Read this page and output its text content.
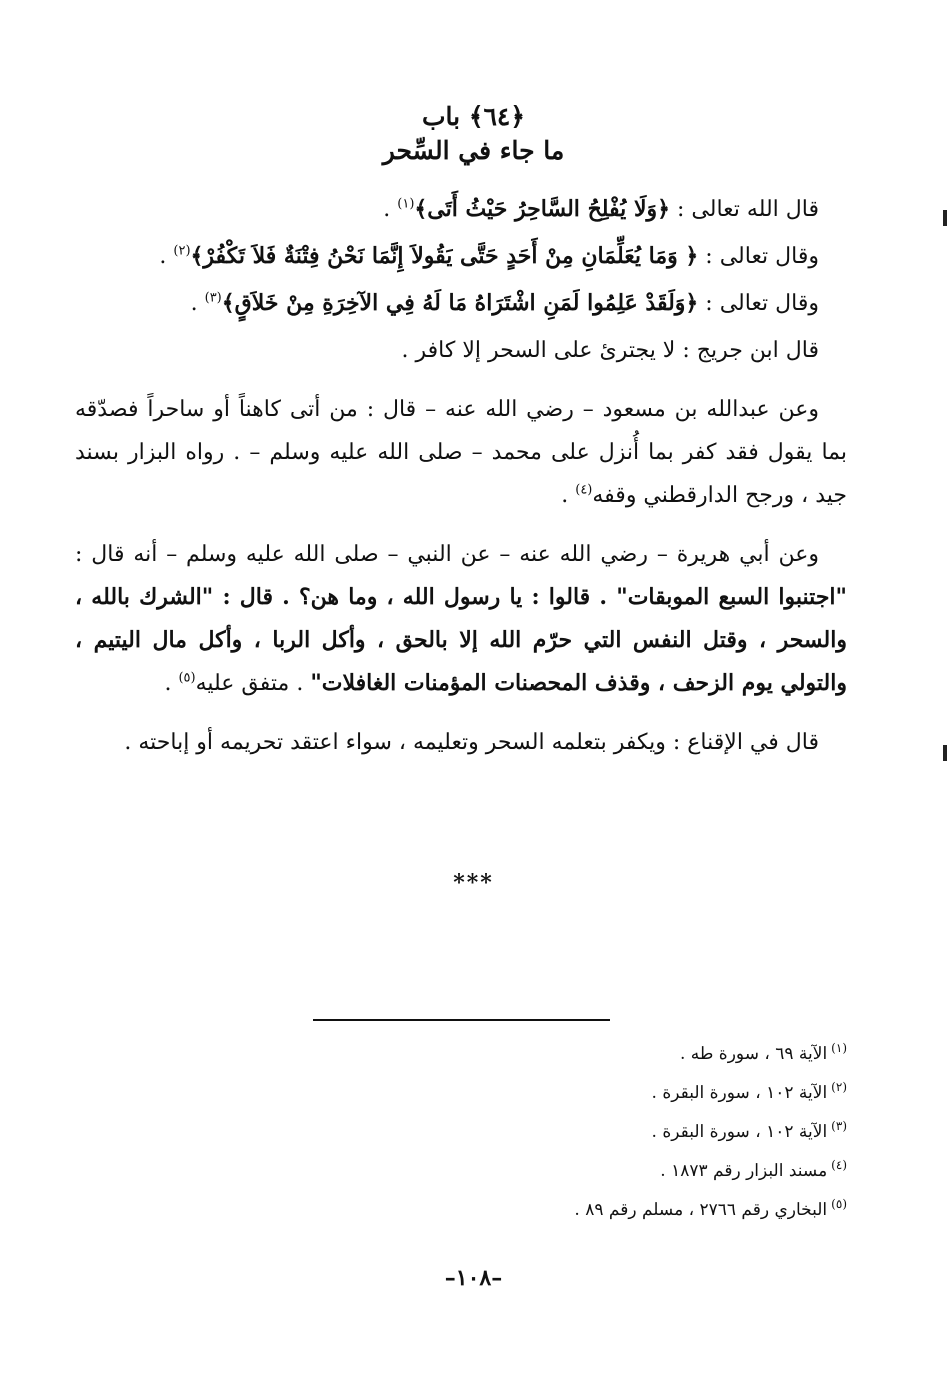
﴿٦٤﴾ باب

ما جاء في السِّحر

قال الله تعالى : ﴿وَلَا يُفْلِحُ السَّاحِرُ حَيْثُ أَتَى﴾$^{(١)}$ .

وقال تعالى : ﴿ وَمَا يُعَلِّمَانِ مِنْ أَحَدٍ حَتَّى يَقُولاَ إِنَّمَا نَحْنُ فِتْنَةٌ فَلاَ تَكْفُرْ﴾$^{(٢)}$ .

وقال تعالى : ﴿وَلَقَدْ عَلِمُوا لَمَنِ اشْتَرَاهُ مَا لَهُ فِي الآخِرَةِ مِنْ خَلاَقٍ﴾$^{(٣)}$ .

قال ابن جريج : لا يجترئ على السحر إلا كافر .

وعن عبدالله بن مسعود – رضي الله عنه – قال : من أتى كاهناً أو ساحراً فصدّقه بما يقول فقد كفر بما أُنزل على محمد – صلى الله عليه وسلم – . رواه البزار بسند جيد ، ورجح الدارقطني وقفه$^{(٤)}$ .

وعن أبي هريرة – رضي الله عنه – عن النبي – صلى الله عليه وسلم – أنه قال : "اجتنبوا السبع الموبقات" . قالوا : يا رسول الله ، وما هن؟ . قال : "الشرك بالله ، والسحر ، وقتل النفس التي حرّم الله إلا بالحق ، وأكل الربا ، وأكل مال اليتيم ، والتولي يوم الزحف ، وقذف المحصنات المؤمنات الغافلات" . متفق عليه$^{(٥)}$ .

قال في الإقناع : ويكفر بتعلمه السحر وتعليمه ، سواء اعتقد تحريمه أو إباحته .

***

$^{(١)}$الآية ٦٩ ، سورة طه .

$^{(٢)}$الآية ١٠٢ ، سورة البقرة .

$^{(٣)}$الآية ١٠٢ ، سورة البقرة .

$^{(٤)}$مسند البزار رقم ١٨٧٣ .

$^{(٥)}$البخاري رقم ٢٧٦٦ ، مسلم رقم ٨٩ .

–١٠٨–
